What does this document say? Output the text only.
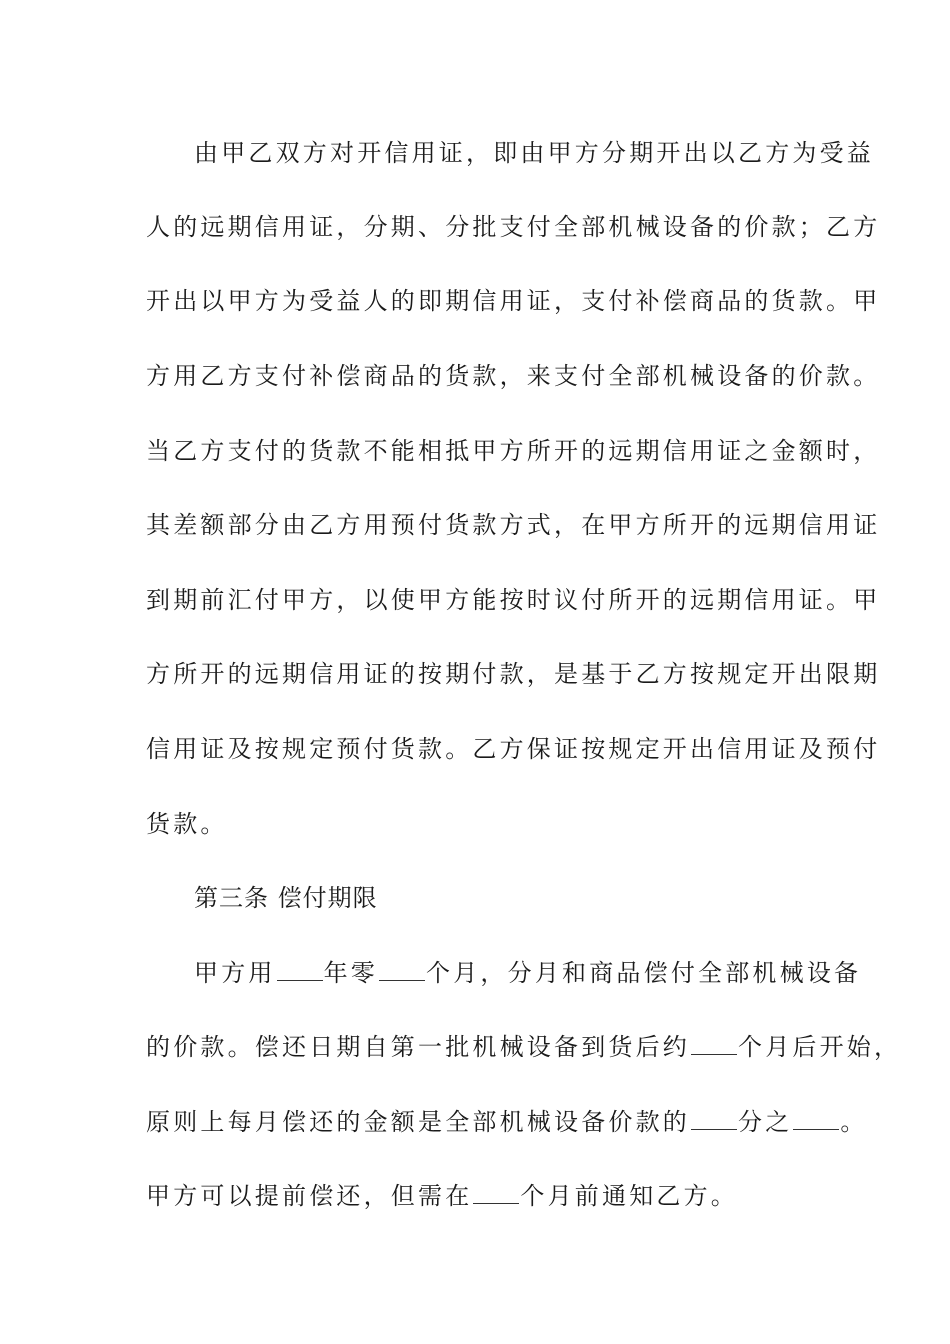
由甲乙双方对开信用证，即由甲方分期开出以乙方为受益
人的远期信用证，分期、分批支付全部机械设备的价款；乙方
开出以甲方为受益人的即期信用证，支付补偿商品的货款。甲
方用乙方支付补偿商品的货款，来支付全部机械设备的价款。
当乙方支付的货款不能相抵甲方所开的远期信用证之金额时，
其差额部分由乙方用预付货款方式，在甲方所开的远期信用证
到期前汇付甲方，以使甲方能按时议付所开的远期信用证。甲
方所开的远期信用证的按期付款，是基于乙方按规定开出限期
信用证及按规定预付货款。乙方保证按规定开出信用证及预付
货款。
第三条 偿付期限
甲方用 年零 个月，分月和商品偿付全部机械设备
的价款。偿还日期自第一批机械设备到货后约 个月后开始，
原则上每月偿还的金额是全部机械设备价款的 分之 。
甲方可以提前偿还，但需在 个月前通知乙方。
